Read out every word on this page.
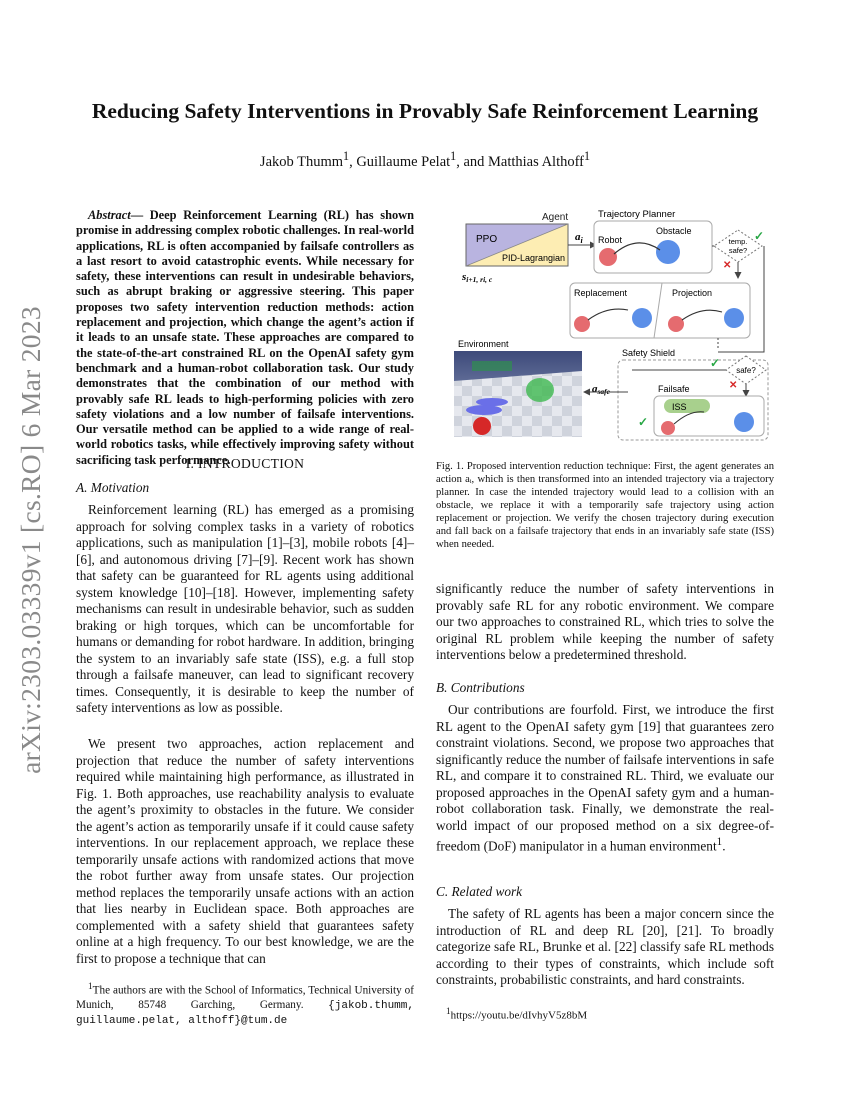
Reducing Safety Interventions in Provably Safe Reinforcement Learning
Jakob Thumm$^1$, Guillaume Pelat$^1$, and Matthias Althoff$^1$
arXiv:2303.03339v1 [cs.RO] 6 Mar 2023

Abstract— Deep Reinforcement Learning (RL) has shown promise in addressing complex robotic challenges. In real-world applications, RL is often accompanied by failsafe controllers as a last resort to avoid catastrophic events. While necessary for safety, these interventions can result in undesirable behaviors, such as abrupt braking or aggressive steering. This paper proposes two safety intervention reduction methods: action replacement and projection, which change the agent’s action if it leads to an unsafe state. These approaches are compared to the state-of-the-art constrained RL on the OpenAI safety gym benchmark and a human-robot collaboration task. Our study demonstrates that the combination of our method with provably safe RL leads to high-performing policies with zero safety violations and a low number of failsafe interventions. Our versatile method can be applied to a wide range of real-world robotics tasks, while effectively improving safety without sacrificing task performance.

I. INTRODUCTION
A. Motivation

Reinforcement learning (RL) has emerged as a promising approach for solving complex tasks in a variety of robotics applications, such as manipulation [1]–[3], mobile robots [4]–[6], and autonomous driving [7]–[9]. Recent work has shown that safety can be guaranteed for RL agents using additional system knowledge [10]–[18]. However, implementing safety mechanisms can result in undesirable behavior, such as sudden braking or high torques, which can be uncomfortable for humans or demanding for robot hardware. In addition, bringing the system to an invariably safe state (ISS), e.g. a full stop through a failsafe maneuver, can lead to significant recovery times. Consequently, it is desirable to keep the number of safety interventions as low as possible.

We present two approaches, action replacement and projection that reduce the number of safety interventions required while maintaining high performance, as illustrated in Fig. 1. Both approaches, use reachability analysis to evaluate the agent’s proximity to obstacles in the future. We consider the agent’s action as temporarily unsafe if it could cause safety interventions. In our replacement approach, we replace these temporarily unsafe actions with randomized actions that move the robot further away from unsafe states. Our projection method replaces the temporarily unsafe actions with an action that lies nearby in Euclidean space. Both approaches are complemented with a safety shield that guarantees safety online at a high frequency. To our best knowledge, we are the first to propose a technique that can

$^1$The authors are with the School of Informatics, Technical University of Munich, 85748 Garching, Germany. {jakob.thumm, guillaume.pelat, althoff}@tum.de

Agent
PPO
PID-Lagrangian
$a_i$
si+1, ri, c
Trajectory Planner
Robot
Obstacle
temp.
safe?
✓
✕
Replacement	Projection
Environment
Safety Shield
safe?
✓
✕
asafe	Failsafe
ISS
✓
Fig. 1. Proposed intervention reduction technique: First, the agent generates an action aᵢ, which is then transformed into an intended trajectory via a trajectory planner. In case the intended trajectory would lead to a collision with an obstacle, we replace it with a temporarily safe trajectory using action replacement or projection. We verify the chosen trajectory during execution and fall back on a failsafe trajectory that ends in an invariably safe state (ISS) when needed.

significantly reduce the number of safety interventions in provably safe RL for any robotic environment. We compare our two approaches to constrained RL, which tries to solve the original RL problem while keeping the number of safety interventions below a predetermined threshold.

B. Contributions

Our contributions are fourfold. First, we introduce the first RL agent to the OpenAI safety gym [19] that guarantees zero constraint violations. Second, we propose two approaches that significantly reduce the number of failsafe interventions in safe RL, and compare it to constrained RL. Third, we evaluate our proposed approaches in the OpenAI safety gym and a human-robot collaboration task. Finally, we demonstrate the real-world impact of our proposed method on a six degree-of-freedom (DoF) manipulator in a human environment$^1$.

C. Related work

The safety of RL agents has been a major concern since the introduction of RL and deep RL [20], [21]. To broadly categorize safe RL, Brunke et al. [22] classify safe RL methods according to their types of constraints, which include soft constraints, probabilistic constraints, and hard constraints.

$^1$https://youtu.be/dIvhyV5z8bM
